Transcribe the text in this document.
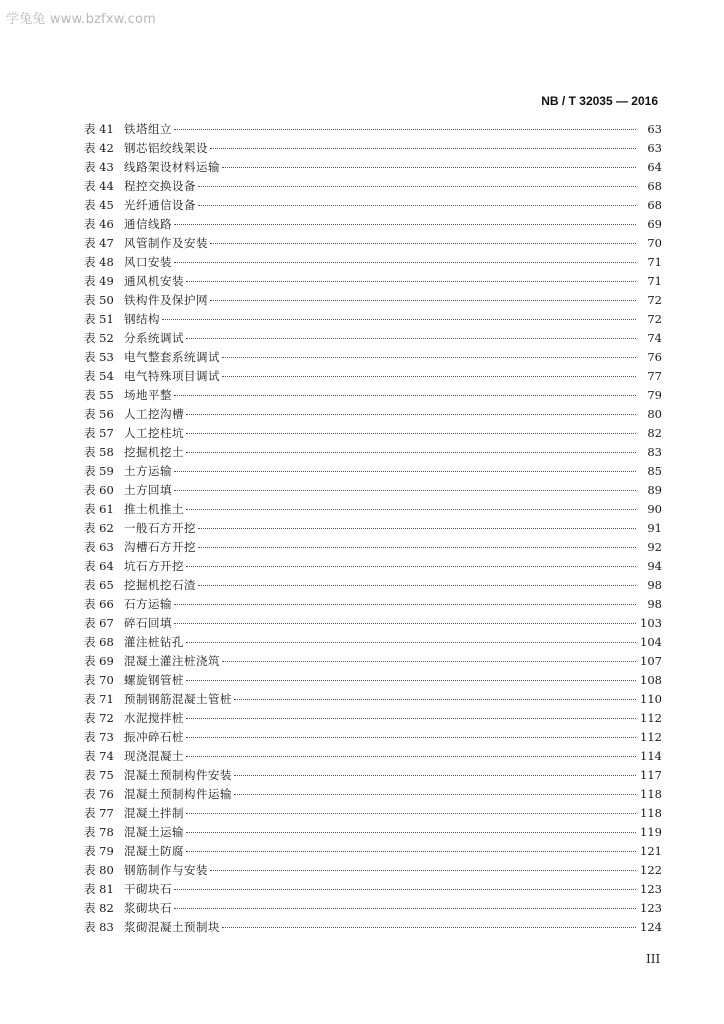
学兔兔 www.bzfxw.com
NB / T 32035 — 2016
表 41 铁塔组立	63
表 42 钢芯铝绞线架设	63
表 43 线路架设材料运输	64
表 44 程控交换设备	68
表 45 光纤通信设备	68
表 46 通信线路	69
表 47 风管制作及安装	70
表 48 风口安装	71
表 49 通风机安装	71
表 50 铁构件及保护网	72
表 51 钢结构	72
表 52 分系统调试	74
表 53 电气整套系统调试	76
表 54 电气特殊项目调试	77
表 55 场地平整	79
表 56 人工挖沟槽	80
表 57 人工挖柱坑	82
表 58 挖掘机挖土	83
表 59 土方运输	85
表 60 土方回填	89
表 61 推土机推土	90
表 62 一般石方开挖	91
表 63 沟槽石方开挖	92
表 64 坑石方开挖	94
表 65 挖掘机挖石渣	98
表 66 石方运输	98
表 67 碎石回填	103
表 68 灌注桩钻孔	104
表 69 混凝土灌注桩浇筑	107
表 70 螺旋钢管桩	108
表 71 预制钢筋混凝土管桩	110
表 72 水泥搅拌桩	112
表 73 振冲碎石桩	112
表 74 现浇混凝土	114
表 75 混凝土预制构件安装	117
表 76 混凝土预制构件运输	118
表 77 混凝土拌制	118
表 78 混凝土运输	119
表 79 混凝土防腐	121
表 80 钢筋制作与安装	122
表 81 干砌块石	123
表 82 浆砌块石	123
表 83 浆砌混凝土预制块	124
III
